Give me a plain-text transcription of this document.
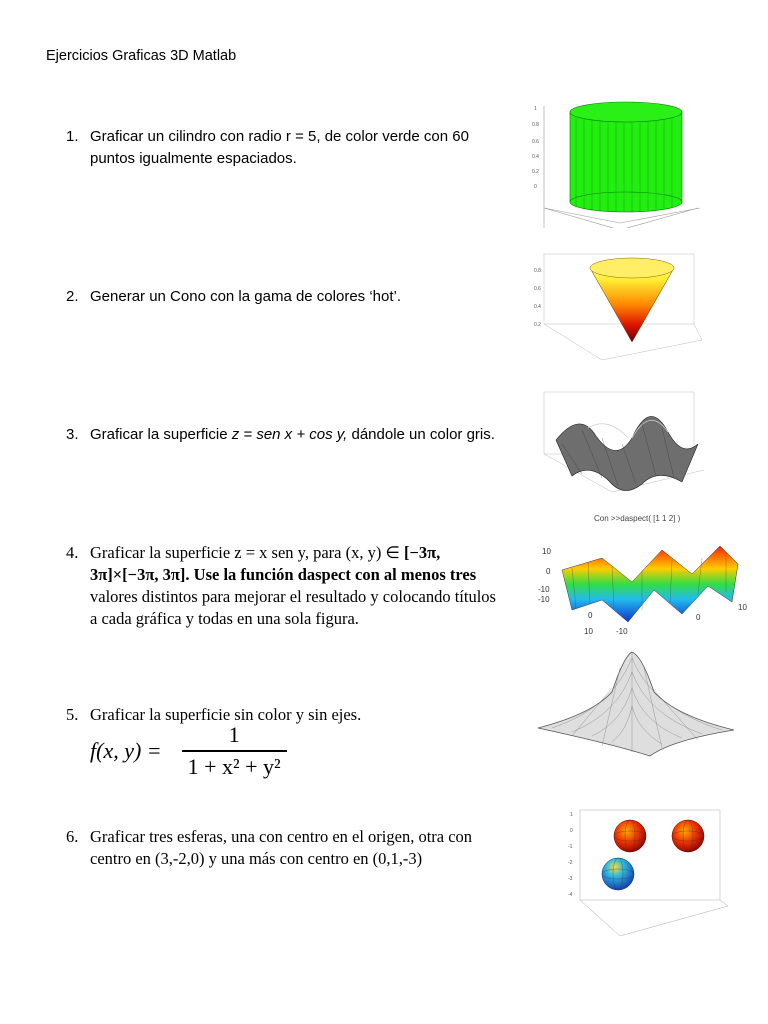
Ejercicios Graficas 3D Matlab
1. Graficar un cilindro con radio r = 5, de color verde con 60 puntos igualmente espaciados.
2. Generar un Cono con la gama de colores ‘hot’.
3. Graficar la superficie z = sen x + cos y, dándole un color gris.
4. Graficar la superficie z = x sen y, para (x, y) ∈ [−3π, 3π]×[−3π, 3π]. Use la función daspect con al menos tres valores distintos para mejorar el resultado y colocando títulos a cada gráfica y todas en una sola figura.
5. Graficar la superficie sin color y sin ejes.
f(x, $y) = \frac{1}{\text{1 + x² + y²}}$
6. Graficar tres esferas, una con centro en el origen, otra con centro en (3,-2,0) y una más con centro en (0,1,-3)
1
0.8
0.6
0.4
0.2
0
0.8
0.6
0.4
0.2
Con >>daspect( [1 1 2] )
10
0
-10
-10
0
10	-10
0
10
1
0
-1
-2
-3
-4
